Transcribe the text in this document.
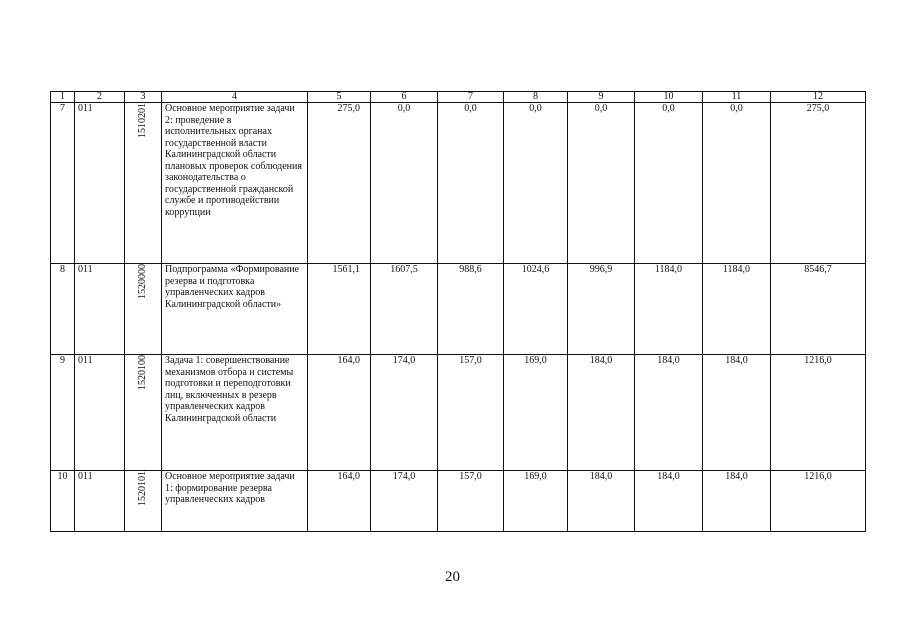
1	2	3	4	5	6	7	8	9	10	11	12
7	011	1510201	Основное мероприятие задачи 2: проведение в исполнительных органах государственной власти Калининградской области плановых проверок соблюдения законодательства о государственной гражданской службе и противодействии коррупции	275,0	0,0	0,0	0,0	0,0	0,0	0,0	275,0
8	011	1520000	Подпрограмма «Формирование резерва и подготовка управленческих кадров Калининградской области»	1561,1	1607,5	988,6	1024,6	996,9	1184,0	1184,0	8546,7
9	011	1520100	Задача 1: совершенствование механизмов отбора и системы подготовки и переподготовки лиц, включенных в резерв управленческих кадров Калининградской области	164,0	174,0	157,0	169,0	184,0	184,0	184,0	1216,0
10	011	1520101	Основное мероприятие задачи 1: формирование резерва управленческих кадров	164,0	174,0	157,0	169,0	184,0	184,0	184,0	1216,0
20
